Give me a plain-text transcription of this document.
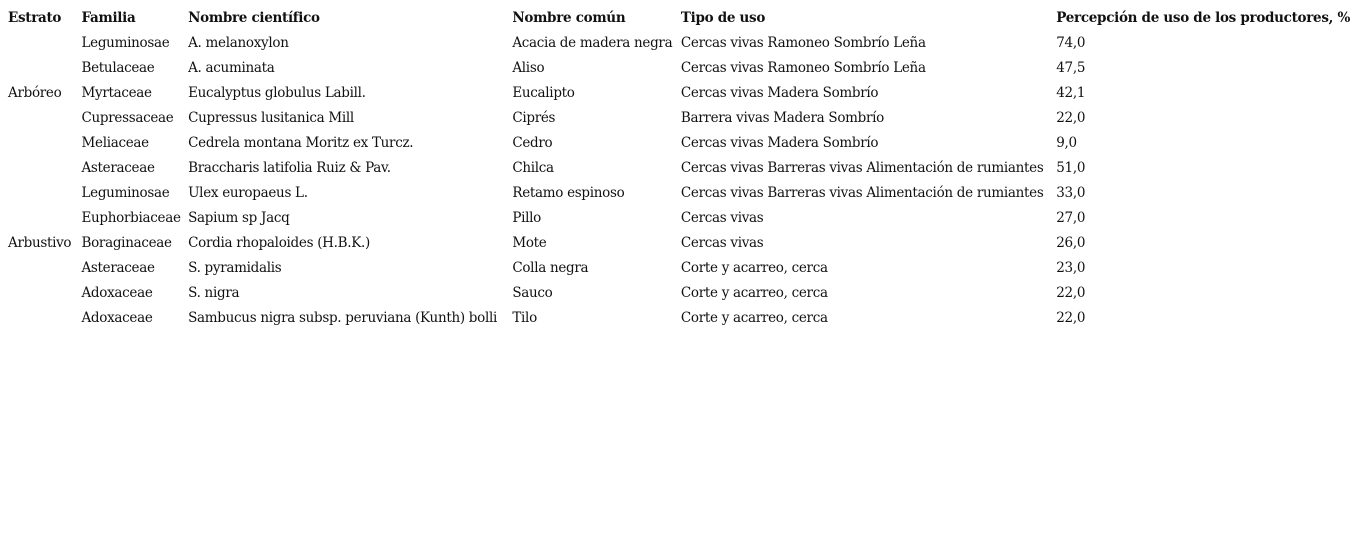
Estrato	Familia	Nombre científico	Nombre común	Tipo de uso	Percepción de uso de los productores, %
	Leguminosae	A. melanoxylon	Acacia de madera negra	Cercas vivas Ramoneo Sombrío Leña	74,0
	Betulaceae	A. acuminata	Aliso	Cercas vivas Ramoneo Sombrío Leña	47,5
Arbóreo	Myrtaceae	Eucalyptus globulus Labill.	Eucalipto	Cercas vivas Madera Sombrío	42,1
	Cupressaceae	Cupressus lusitanica Mill	Ciprés	Barrera vivas Madera Sombrío	22,0
	Meliaceae	Cedrela montana Moritz ex Turcz.	Cedro	Cercas vivas Madera Sombrío	9,0
	Asteraceae	Braccharis latifolia Ruiz & Pav.	Chilca	Cercas vivas Barreras vivas Alimentación de rumiantes	51,0
	Leguminosae	Ulex europaeus L.	Retamo espinoso	Cercas vivas Barreras vivas Alimentación de rumiantes	33,0
	Euphorbiaceae	Sapium sp Jacq	Pillo	Cercas vivas	27,0
Arbustivo	Boraginaceae	Cordia rhopaloides (H.B.K.)	Mote	Cercas vivas	26,0
	Asteraceae	S. pyramidalis	Colla negra	Corte y acarreo, cerca	23,0
	Adoxaceae	S. nigra	Sauco	Corte y acarreo, cerca	22,0
	Adoxaceae	Sambucus nigra subsp. peruviana (Kunth) bolli	Tilo	Corte y acarreo, cerca	22,0
